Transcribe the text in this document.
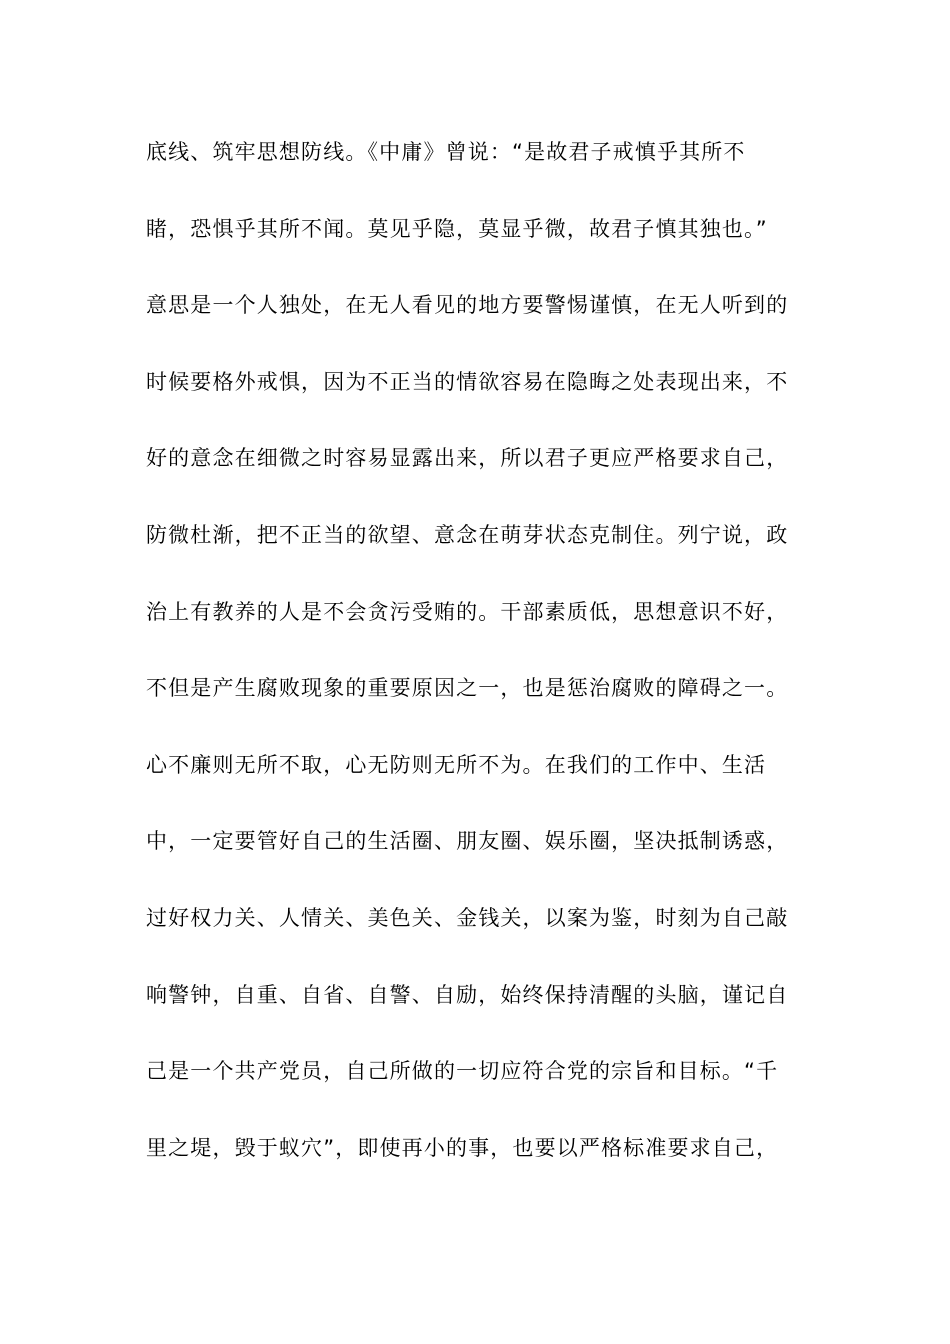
底线、筑牢思想防线。《中庸》曾说：“是故君子戒慎乎其所不
睹，恐惧乎其所不闻。莫见乎隐，莫显乎微，故君子慎其独也。”
意思是一个人独处，在无人看见的地方要警惕谨慎，在无人听到的
时候要格外戒惧，因为不正当的情欲容易在隐晦之处表现出来，不
好的意念在细微之时容易显露出来，所以君子更应严格要求自己，
防微杜渐，把不正当的欲望、意念在萌芽状态克制住。列宁说，政
治上有教养的人是不会贪污受贿的。干部素质低，思想意识不好，
不但是产生腐败现象的重要原因之一，也是惩治腐败的障碍之一。
心不廉则无所不取，心无防则无所不为。在我们的工作中、生活
中，一定要管好自己的生活圈、朋友圈、娱乐圈，坚决抵制诱惑，
过好权力关、人情关、美色关、金钱关，以案为鉴，时刻为自己敲
响警钟，自重、自省、自警、自励，始终保持清醒的头脑，谨记自
己是一个共产党员，自己所做的一切应符合党的宗旨和目标。“千
里之堤，毁于蚁穴”，即使再小的事，也要以严格标准要求自己，
